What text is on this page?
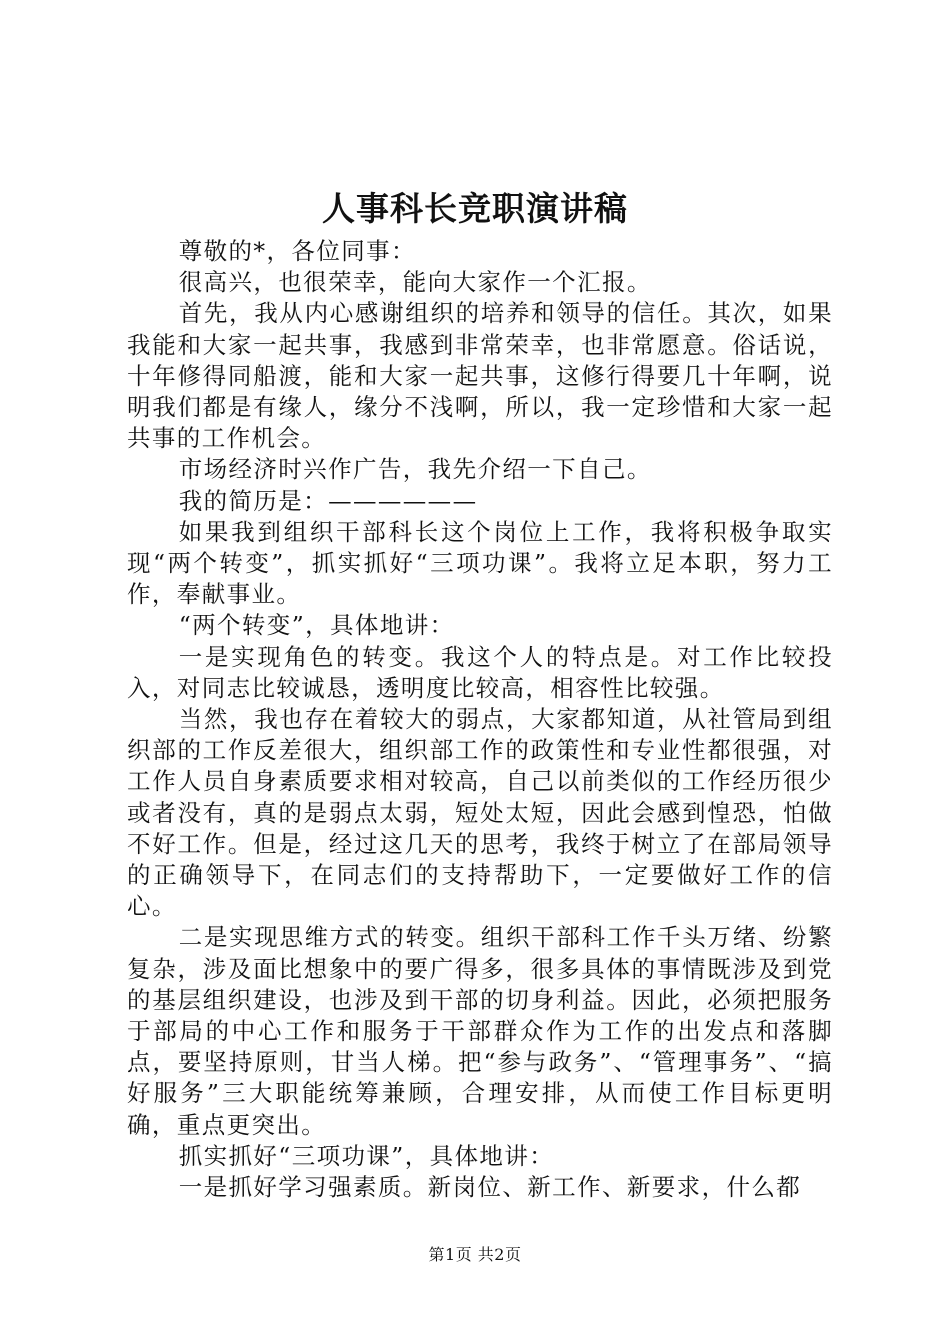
人事科长竞职演讲稿

尊敬的*，各位同事：

很高兴，也很荣幸，能向大家作一个汇报。

首先，我从内心感谢组织的培养和领导的信任。其次，如果我能和大家一起共事，我感到非常荣幸，也非常愿意。俗话说，十年修得同船渡，能和大家一起共事，这修行得要几十年啊，说明我们都是有缘人，缘分不浅啊，所以，我一定珍惜和大家一起共事的工作机会。

市场经济时兴作广告，我先介绍一下自己。

我的简历是：——————

如果我到组织干部科长这个岗位上工作，我将积极争取实现“两个转变”，抓实抓好“三项功课”。我将立足本职，努力工作，奉献事业。

“两个转变”，具体地讲：

一是实现角色的转变。我这个人的特点是。对工作比较投入，对同志比较诚恳，透明度比较高，相容性比较强。

当然，我也存在着较大的弱点，大家都知道，从社管局到组织部的工作反差很大，组织部工作的政策性和专业性都很强，对工作人员自身素质要求相对较高，自己以前类似的工作经历很少或者没有，真的是弱点太弱，短处太短，因此会感到惶恐，怕做不好工作。但是，经过这几天的思考，我终于树立了在部局领导的正确领导下，在同志们的支持帮助下，一定要做好工作的信心。

二是实现思维方式的转变。组织干部科工作千头万绪、纷繁复杂，涉及面比想象中的要广得多，很多具体的事情既涉及到党的基层组织建设，也涉及到干部的切身利益。因此，必须把服务于部局的中心工作和服务于干部群众作为工作的出发点和落脚点，要坚持原则，甘当人梯。把“参与政务”、“管理事务”、“搞好服务”三大职能统筹兼顾，合理安排，从而使工作目标更明确，重点更突出。

抓实抓好“三项功课”，具体地讲：

一是抓好学习强素质。新岗位、新工作、新要求，什么都

第1页 共2页
